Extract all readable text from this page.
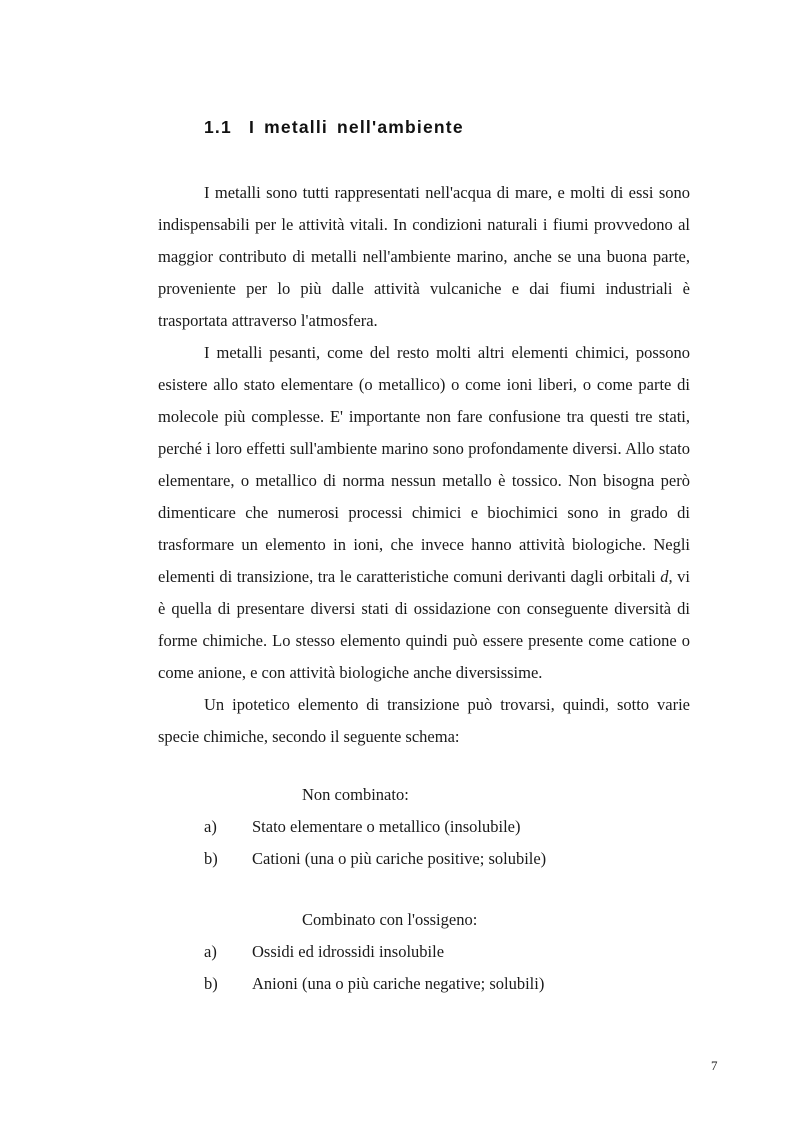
1.1 I metalli nell'ambiente

I metalli sono tutti rappresentati nell'acqua di mare, e molti di essi sono indispensabili per le attività vitali. In condizioni naturali i fiumi provvedono al maggior contributo di metalli nell'ambiente marino, anche se una buona parte, proveniente per lo più dalle attività vulcaniche e dai fiumi industriali è trasportata attraverso l'atmosfera.

I metalli pesanti, come del resto molti altri elementi chimici, possono esistere allo stato elementare (o metallico) o come ioni liberi, o come parte di molecole più complesse. E' importante non fare confusione tra questi tre stati, perché i loro effetti sull'ambiente marino sono profondamente diversi. Allo stato elementare, o metallico di norma nessun metallo è tossico. Non bisogna però dimenticare che numerosi processi chimici e biochimici sono in grado di trasformare un elemento in ioni, che invece hanno attività biologiche. Negli elementi di transizione, tra le caratteristiche comuni derivanti dagli orbitali d, vi è quella di presentare diversi stati di ossidazione con conseguente diversità di forme chimiche. Lo stesso elemento quindi può essere presente come catione o come anione, e con attività biologiche anche diversissime.

Un ipotetico elemento di transizione può trovarsi, quindi, sotto varie specie chimiche, secondo il seguente schema:

Non combinato:

a)	Stato elementare o metallico (insolubile)
b)	Cationi (una o più cariche positive; solubile)

Combinato con l'ossigeno:

a)	Ossidi ed idrossidi insolubile
b)	Anioni (una o più cariche negative; solubili)
7
